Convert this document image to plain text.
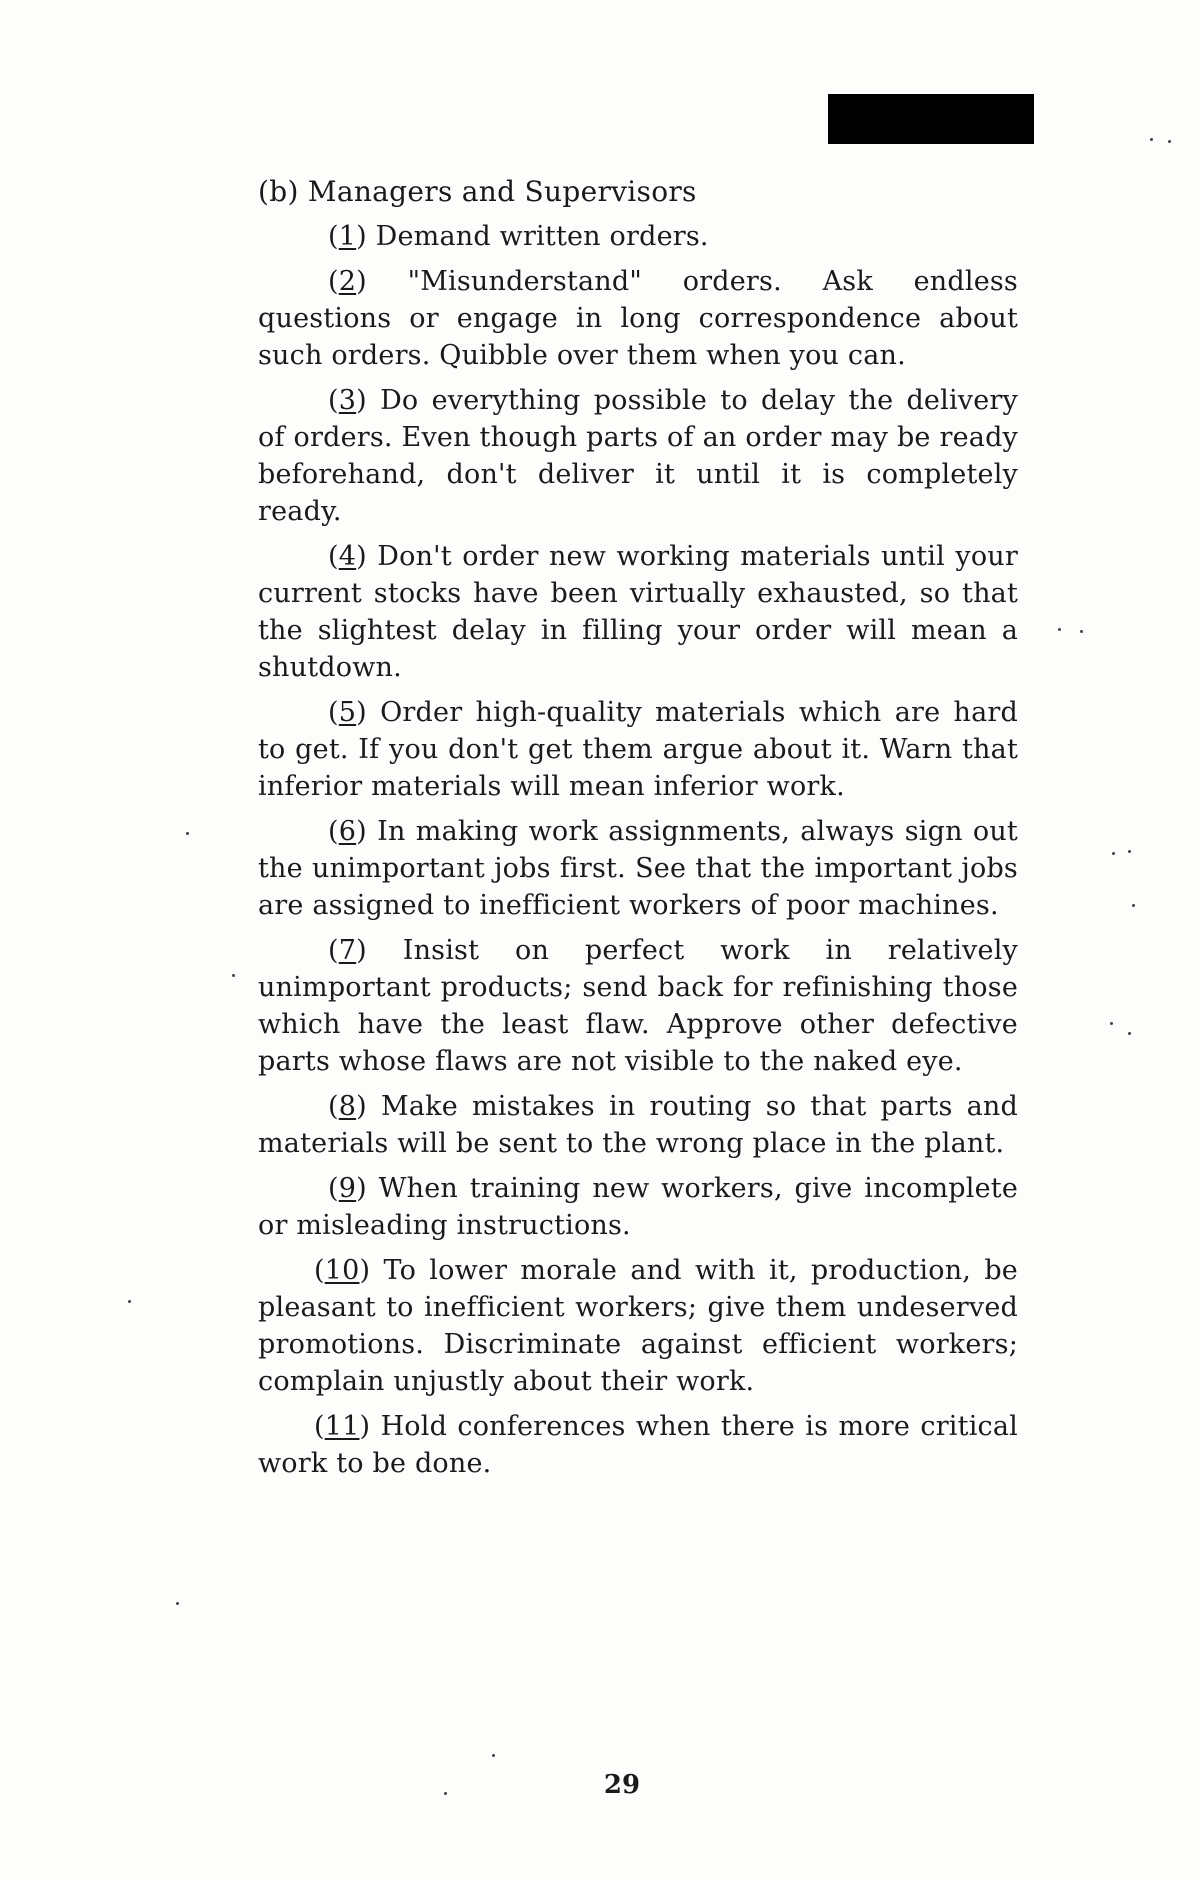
(b) Managers and Supervisors

(1) Demand written orders.

(2) "Misunderstand" orders. Ask endless questions or engage in long correspondence about such orders. Quibble over them when you can.

(3) Do everything possible to delay the delivery of orders. Even though parts of an order may be ready beforehand, don't deliver it until it is completely ready.

(4) Don't order new working materials until your current stocks have been virtually exhausted, so that the slightest delay in filling your order will mean a shutdown.

(5) Order high-quality materials which are hard to get. If you don't get them argue about it. Warn that inferior materials will mean inferior work.

(6) In making work assignments, always sign out the unimportant jobs first. See that the important jobs are assigned to inefficient workers of poor machines.

(7) Insist on perfect work in relatively unimportant products; send back for refinishing those which have the least flaw. Approve other defective parts whose flaws are not visible to the naked eye.

(8) Make mistakes in routing so that parts and materials will be sent to the wrong place in the plant.

(9) When training new workers, give incomplete or misleading instructions.

(10) To lower morale and with it, production, be pleasant to inefficient workers; give them undeserved promotions. Discriminate against efficient workers; complain unjustly about their work.

(11) Hold conferences when there is more critical work to be done.

29
